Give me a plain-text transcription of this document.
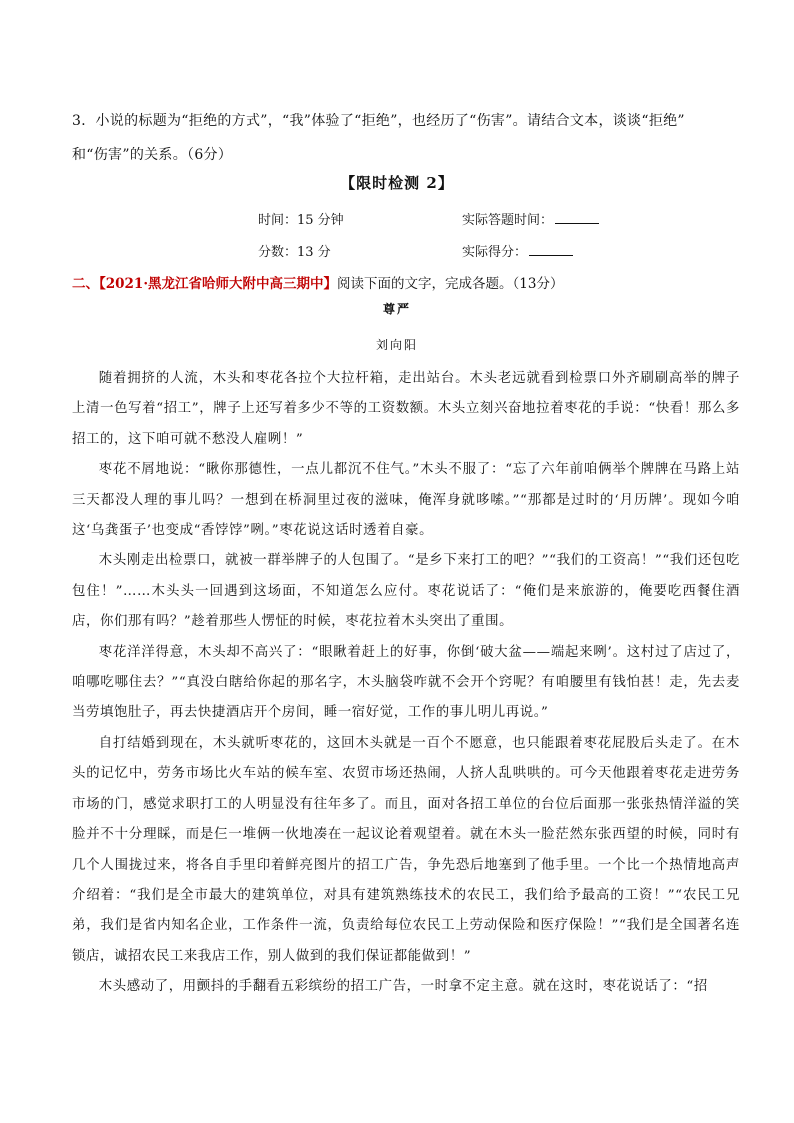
3．小说的标题为“拒绝的方式”，“我”体验了“拒绝”，也经历了“伤害”。请结合文本，谈谈“拒绝”

和“伤害”的关系。（6分）

【限时检测 2】
时间：15 分钟	实际答题时间：
分数：13 分	实际得分：
二、【2021·黑龙江省哈师大附中高三期中】阅读下面的文字，完成各题。（13分）
尊严
刘向阳

随着拥挤的人流，木头和枣花各拉个大拉杆箱，走出站台。木头老远就看到检票口外齐刷刷高举的牌子上清一色写着“招工”，牌子上还写着多少不等的工资数额。木头立刻兴奋地拉着枣花的手说：“快看！那么多招工的，这下咱可就不愁没人雇咧！”

枣花不屑地说：“瞅你那德性，一点儿都沉不住气。”木头不服了：“忘了六年前咱俩举个牌牌在马路上站三天都没人理的事儿吗？一想到在桥洞里过夜的滋味，俺浑身就哆嗦。”“那都是过时的‘月历牌’。现如今咱这‘乌龚蛋子’也变成“香饽饽”咧。”枣花说这话时透着自豪。

木头刚走出检票口，就被一群举牌子的人包围了。“是乡下来打工的吧？”“我们的工资高！”“我们还包吃包住！”……木头头一回遇到这场面，不知道怎么应付。枣花说话了：“俺们是来旅游的，俺要吃西餐住酒店，你们那有吗？”趁着那些人愣怔的时候，枣花拉着木头突出了重围。

枣花洋洋得意，木头却不高兴了：“眼瞅着赶上的好事，你倒‘破大盆——端起来咧’。这村过了店过了，咱哪吃哪住去？”“真没白瞎给你起的那名字，木头脑袋咋就不会开个窍呢？有咱腰里有钱怕甚！走，先去麦当劳填饱肚子，再去快捷酒店开个房间，睡一宿好觉，工作的事儿明儿再说。”

自打结婚到现在，木头就听枣花的，这回木头就是一百个不愿意，也只能跟着枣花屁股后头走了。在木头的记忆中，劳务市场比火车站的候车室、农贸市场还热闹，人挤人乱哄哄的。可今天他跟着枣花走进劳务市场的门，感觉求职打工的人明显没有往年多了。而且，面对各招工单位的台位后面那一张张热情洋溢的笑脸并不十分理睬，而是仨一堆俩一伙地凑在一起议论着观望着。就在木头一脸茫然东张西望的时候，同时有几个人围拢过来，将各自手里印着鲜亮图片的招工广告，争先恐后地塞到了他手里。一个比一个热情地高声介绍着：“我们是全市最大的建筑单位，对具有建筑熟练技术的农民工，我们给予最高的工资！”“农民工兄弟，我们是省内知名企业，工作条件一流，负责给每位农民工上劳动保险和医疗保险！”“我们是全国著名连锁店，诚招农民工来我店工作，别人做到的我们保证都能做到！”

木头感动了，用颤抖的手翻看五彩缤纷的招工广告，一时拿不定主意。就在这时，枣花说话了：“招
